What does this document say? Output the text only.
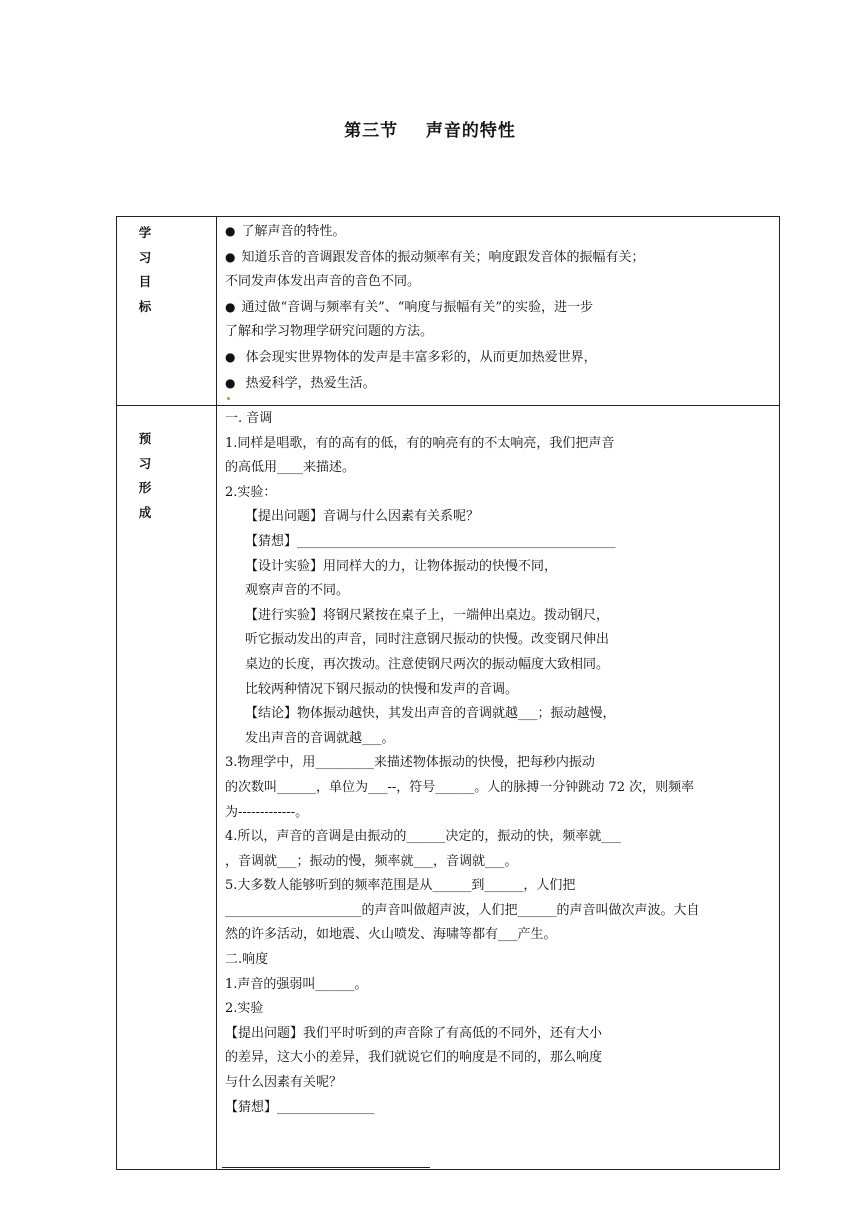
第三节    声音的特性
学
习
目
标
预
习
形
成
● 了解声音的特性。
● 知道乐音的音调跟发音体的振动频率有关；响度跟发音体的振幅有关；
不同发声体发出声音的音色不同。
● 通过做“音调与频率有关”、“响度与振幅有关”的实验，进一步
了解和学习物理学研究问题的方法。
● 体会现实世界物体的发声是丰富多彩的，从而更加热爱世界，
● 热爱科学，热爱生活。
一. 音调
1.同样是唱歌，有的高有的低，有的响亮有的不太响亮，我们把声音
的高低用____来描述。
2.实验：
【提出问题】音调与什么因素有关系呢？
【猜想】_________________________________________________
【设计实验】用同样大的力，让物体振动的快慢不同，
观察声音的不同。
【进行实验】将钢尺紧按在桌子上，一端伸出桌边。拨动钢尺，
听它振动发出的声音，同时注意钢尺振动的快慢。改变钢尺伸出
桌边的长度，再次拨动。注意使钢尺两次的振动幅度大致相同。
比较两种情况下钢尺振动的快慢和发声的音调。
【结论】物体振动越快，其发出声音的音调就越___；振动越慢，
发出声音的音调就越___。
3.物理学中，用_________来描述物体振动的快慢，把每秒内振动
的次数叫______，单位为___--，符号______。人的脉搏一分钟跳动 72 次，则频率
为-------------。
4.所以，声音的音调是由振动的______决定的，振动的快，频率就___
，音调就___；振动的慢，频率就___，音调就___。
5.大多数人能够听到的频率范围是从______到______，人们把
_____________________的声音叫做超声波，人们把______的声音叫做次声波。大自
然的许多活动，如地震、火山喷发、海啸等都有___产生。
二.响度
1.声音的强弱叫______。
2.实验
【提出问题】我们平时听到的声音除了有高低的不同外，还有大小
的差异，这大小的差异，我们就说它们的响度是不同的，那么响度
与什么因素有关呢？
【猜想】_______________
